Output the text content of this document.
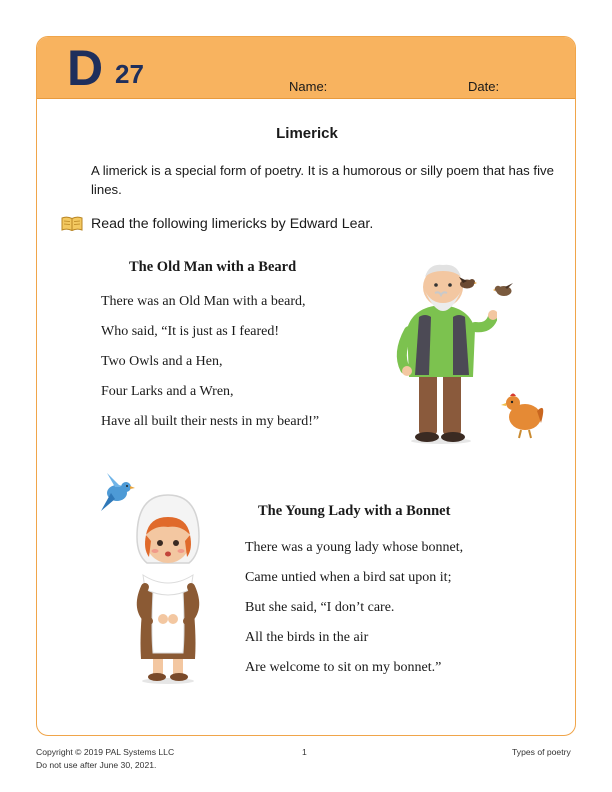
D 27	Name:	Date:
Limerick
A limerick is a special form of poetry. It is a humorous or silly poem that has five lines.
Read the following limericks by Edward Lear.
The Old Man with a Beard
There was an Old Man with a beard,
Who said, “It is just as I feared!
Two Owls and a Hen,
Four Larks and a Wren,
Have all built their nests in my beard!”
The Young Lady with a Bonnet
There was a young lady whose bonnet,
Came untied when a bird sat upon it;
But she said, “I don’t care.
All the birds in the air
Are welcome to sit on my bonnet.”
Copyright © 2019 PAL Systems LLC
Do not use after June 30, 2021.
1	Types of poetry
